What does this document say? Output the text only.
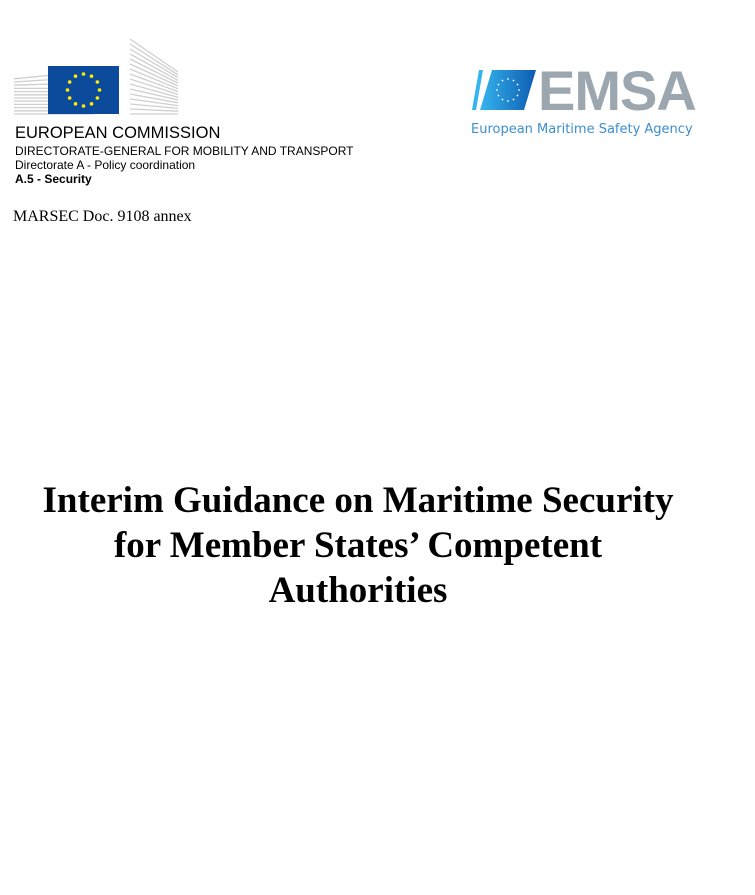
EUROPEAN COMMISSION
DIRECTORATE-GENERAL FOR MOBILITY AND TRANSPORT
Directorate A - Policy coordination
A.5 - Security
EMSA
European Maritime Safety Agency
MARSEC Doc. 9108 annex
Interim Guidance on Maritime Security
for Member States’ Competent
Authorities
